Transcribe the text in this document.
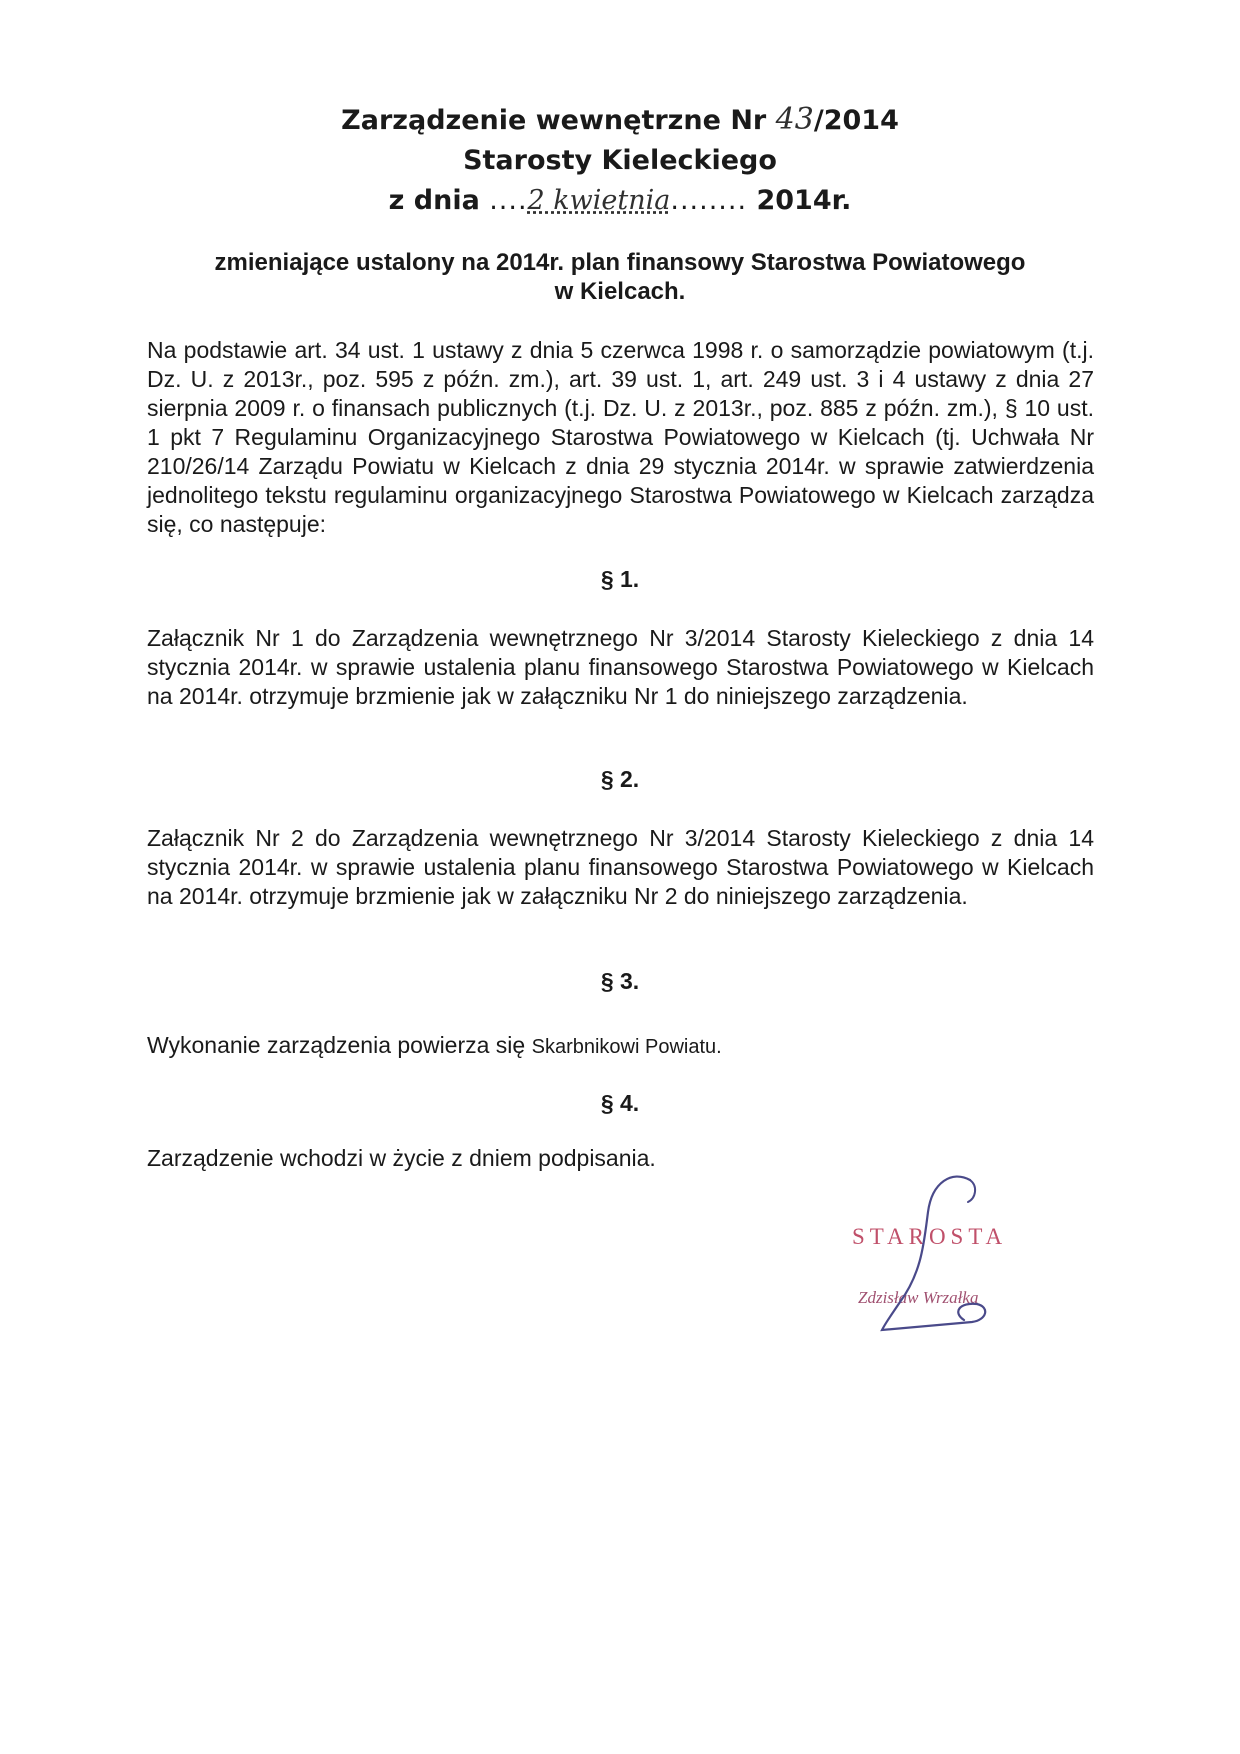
Zarządzenie wewnętrzne Nr 43/2014
Starosty Kieleckiego
z dnia ....2 kwietnia........ 2014r.
zmieniające ustalony na 2014r. plan finansowy Starostwa Powiatowego
w Kielcach.
Na podstawie art. 34 ust. 1 ustawy z dnia 5 czerwca 1998 r. o samorządzie powiatowym (t.j. Dz. U. z 2013r., poz. 595 z późn. zm.), art. 39 ust. 1, art. 249 ust. 3 i 4 ustawy z dnia 27 sierpnia 2009 r. o finansach publicznych (t.j. Dz. U. z 2013r., poz. 885 z późn. zm.), § 10 ust. 1 pkt 7 Regulaminu Organizacyjnego Starostwa Powiatowego w Kielcach (tj. Uchwała Nr 210/26/14 Zarządu Powiatu w Kielcach z dnia 29 stycznia 2014r. w sprawie zatwierdzenia jednolitego tekstu regulaminu organizacyjnego Starostwa Powiatowego w Kielcach zarządza się, co następuje:
§ 1.
Załącznik Nr 1 do Zarządzenia wewnętrznego Nr 3/2014 Starosty Kieleckiego z dnia 14 stycznia 2014r. w sprawie ustalenia planu finansowego Starostwa Powiatowego w Kielcach na 2014r. otrzymuje brzmienie jak w załączniku Nr 1 do niniejszego zarządzenia.
§ 2.
Załącznik Nr 2 do Zarządzenia wewnętrznego Nr 3/2014 Starosty Kieleckiego z dnia 14 stycznia 2014r. w sprawie ustalenia planu finansowego Starostwa Powiatowego w Kielcach na 2014r. otrzymuje brzmienie jak w załączniku Nr 2 do niniejszego zarządzenia.
§ 3.
Wykonanie zarządzenia powierza się Skarbnikowi Powiatu.
§ 4.
Zarządzenie wchodzi w życie z dniem podpisania.
STAROSTA
Zdzisław Wrzałka
